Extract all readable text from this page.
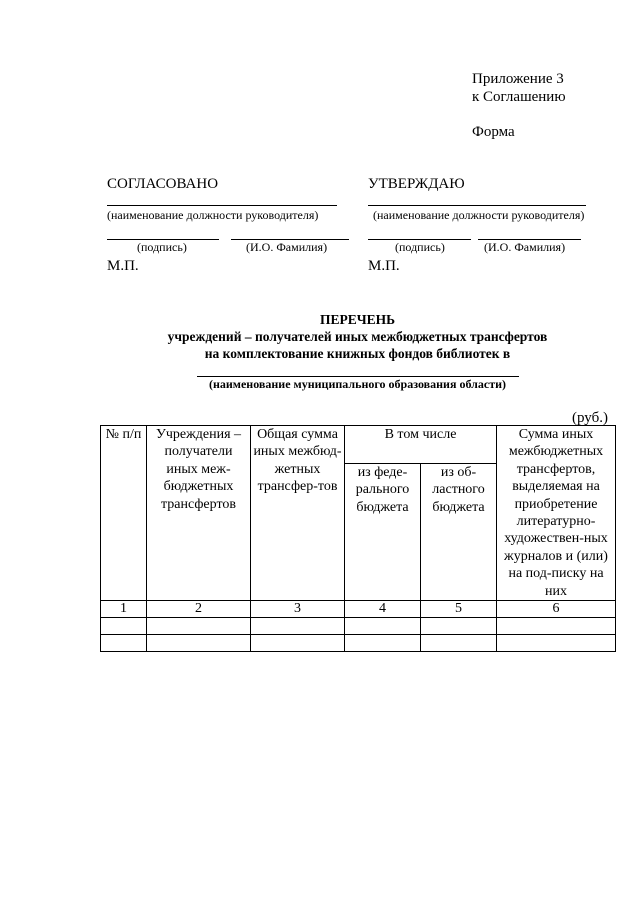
Приложение 3
к Соглашению
Форма
СОГЛАСОВАНО
(наименование должности руководителя)
(подпись)	(И.О. Фамилия)
М.П.
УТВЕРЖДАЮ
(наименование должности руководителя)
(подпись)	(И.О. Фамилия)
М.П.
ПЕРЕЧЕНЬ
учреждений – получателей иных межбюджетных трансфертов
на комплектование книжных фондов библиотек в
(наименование муниципального образования области)
(руб.)
№ п/п	Учреждения – получатели иных меж-бюджетных трансфертов	Общая сумма иных межбюд-жетных трансфер-тов	В том числе		Сумма иных межбюджетных трансфертов, выделяемая на приобретение литературно-художествен-ных журналов и (или) на под-писку на них
			из феде-рального бюджета	из об-ластного бюджета	
1	2	3	4	5	6
